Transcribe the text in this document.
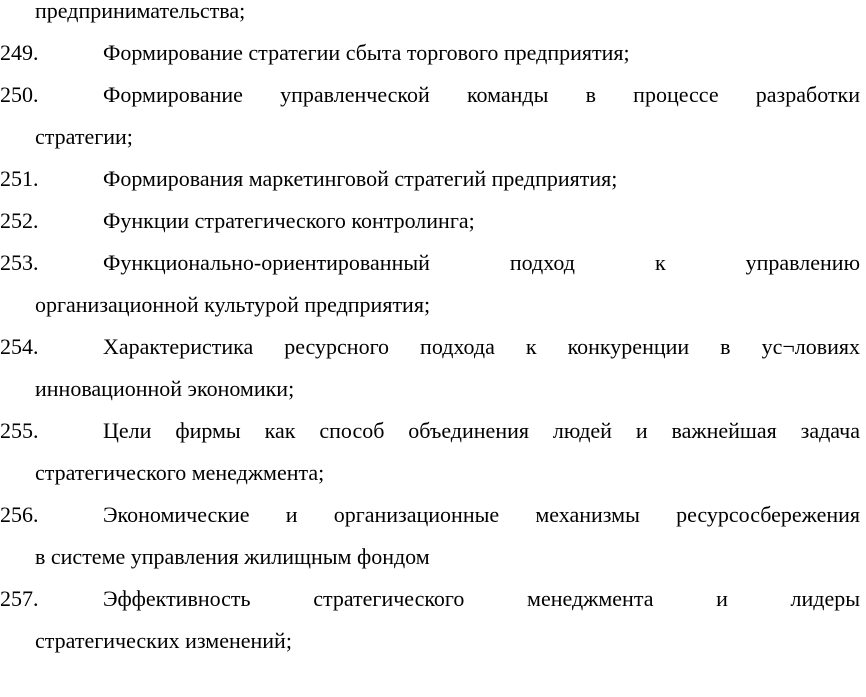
предпринимательства;
249.	Формирование стратегии сбыта торгового предприятия;
250.	Формирование управленческой команды в процессе разработки
стратегии;
251.	Формирования маркетинговой стратегий предприятия;
252.	Функции стратегического контролинга;
253.	Функционально-ориентированный подход к управлению
организационной культурой предприятия;
254.	Характеристика ресурсного подхода к конкуренции в ус¬ловиях
инновационной экономики;
255.	Цели фирмы как способ объединения людей и важнейшая задача
стратегического менеджмента;
256.	Экономические и организационные механизмы ресурсосбережения
в системе управления жилищным фондом
257.	Эффективность стратегического менеджмента и лидеры
стратегических изменений;
